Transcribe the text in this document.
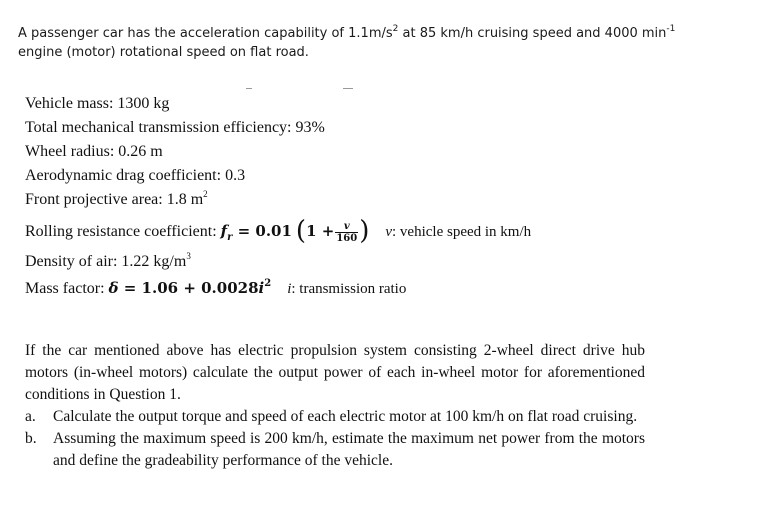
A passenger car has the acceleration capability of $1.1m/s^2$ at 85 km/h cruising speed and 4000 $\min^{-1}$

engine (motor) rotational speed on flat road.

Vehicle mass: 1300 kg
Total mechanical transmission efficiency: 93%
Wheel radius: 0.26 m
Aerodynamic drag coefficient: 0.3
Front projective area: 1.8 $m^2$
Rolling resistance coefficient: $f_r = 0.01$ ($1 + \frac{v}{160}$ ) v: vehicle speed in km/h
Density of air: 1.22 $kg/m^3$
Mass factor: $\delta = 1.06 + 0.0028i^2$ i: transmission ratio

If the car mentioned above has electric propulsion system consisting 2-wheel direct drive hub motors (in-wheel motors) calculate the output power of each in-wheel motor for aforementioned conditions in Question 1.

a.	Calculate the output torque and speed of each electric motor at 100 km/h on flat road cruising.
b.	Assuming the maximum speed is 200 km/h, estimate the maximum net power from the motors and define the gradeability performance of the vehicle.
